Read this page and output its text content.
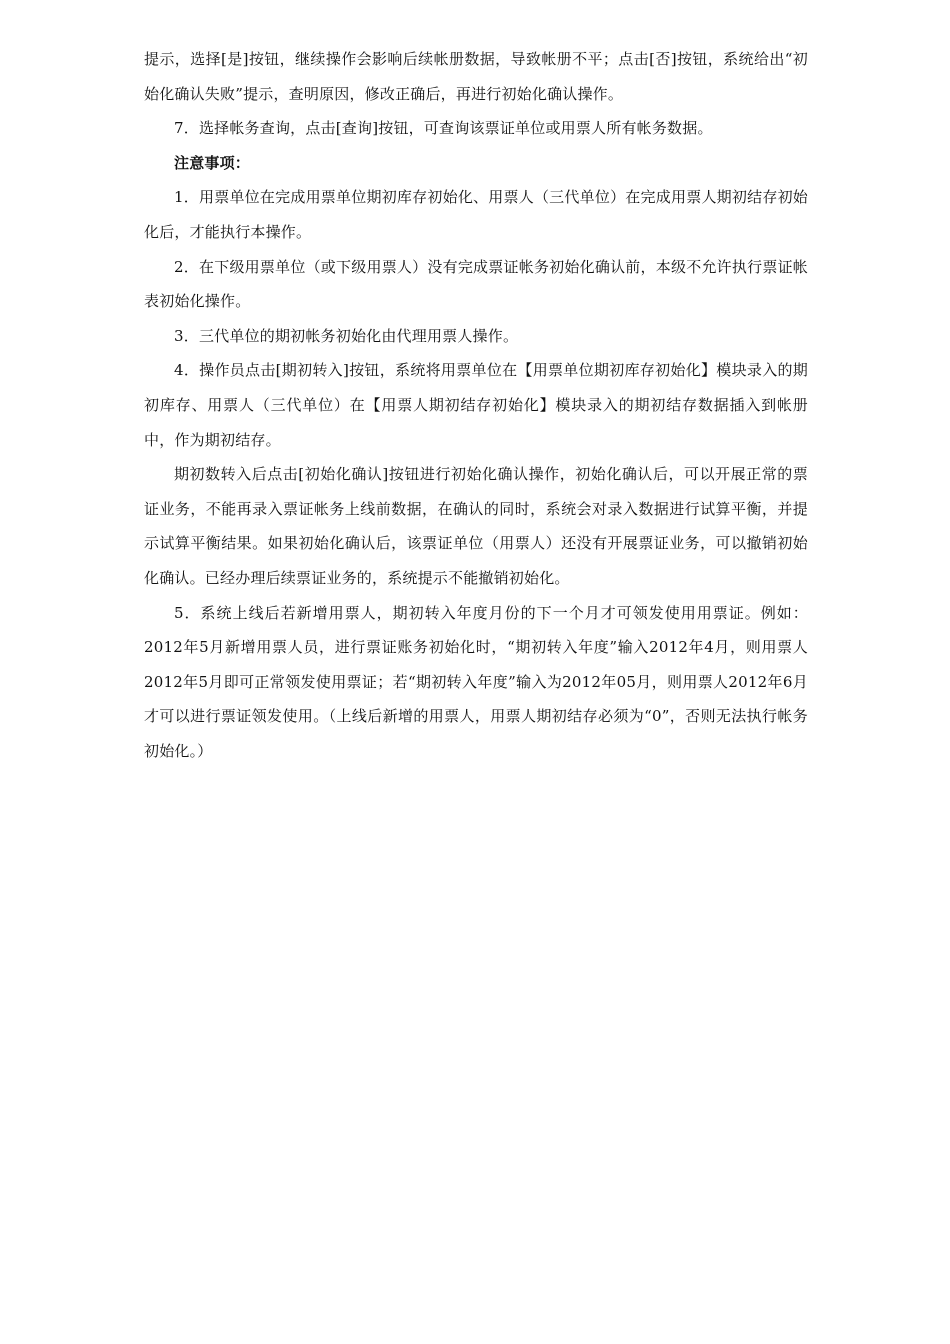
提示，选择[是]按钮，继续操作会影响后续帐册数据，导致帐册不平；点击[否]按钮，系统给出“初始化确认失败”提示，查明原因，修改正确后，再进行初始化确认操作。

7．选择帐务查询，点击[查询]按钮，可查询该票证单位或用票人所有帐务数据。

注意事项：

1．用票单位在完成用票单位期初库存初始化、用票人（三代单位）在完成用票人期初结存初始化后，才能执行本操作。

2．在下级用票单位（或下级用票人）没有完成票证帐务初始化确认前，本级不允许执行票证帐表初始化操作。

3．三代单位的期初帐务初始化由代理用票人操作。

4．操作员点击[期初转入]按钮，系统将用票单位在【用票单位期初库存初始化】模块录入的期初库存、用票人（三代单位）在【用票人期初结存初始化】模块录入的期初结存数据插入到帐册中，作为期初结存。

期初数转入后点击[初始化确认]按钮进行初始化确认操作，初始化确认后，可以开展正常的票证业务，不能再录入票证帐务上线前数据，在确认的同时，系统会对录入数据进行试算平衡，并提示试算平衡结果。如果初始化确认后，该票证单位（用票人）还没有开展票证业务，可以撤销初始化确认。已经办理后续票证业务的，系统提示不能撤销初始化。

5．系统上线后若新增用票人，期初转入年度月份的下一个月才可领发使用用票证。例如：2012年5月新增用票人员，进行票证账务初始化时，“期初转入年度”输入2012年4月，则用票人2012年5月即可正常领发使用票证；若“期初转入年度”输入为2012年05月，则用票人2012年6月才可以进行票证领发使用。（上线后新增的用票人，用票人期初结存必须为“0”，否则无法执行帐务初始化。）
